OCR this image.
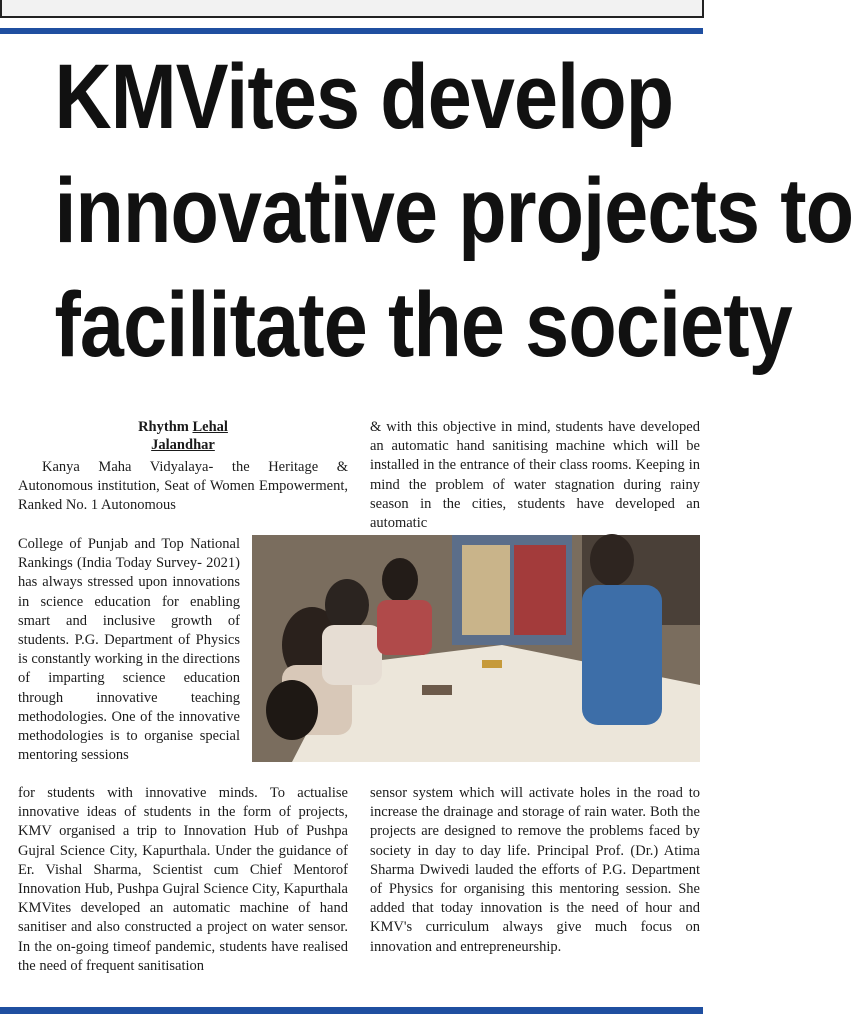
KMVites develop
innovative projects to
facilitate the society
Rhythm Lehal
Jalandhar

Kanya Maha Vidyalaya- the Heritage & Autonomous institution, Seat of Women Empowerment, Ranked No. 1 Autonomous

College of Punjab and Top National Rankings (India Today Survey- 2021) has always stressed upon innovations in science education for enabling smart and inclusive growth of students. P.G. Department of Physics is constantly working in the directions of imparting science education through innovative teaching methodologies. One of the innovative methodologies is to organise special mentoring sessions

for students with innovative minds. To actualise innovative ideas of students in the form of projects, KMV organised a trip to Innovation Hub of Pushpa Gujral Science City, Kapurthala. Under the guidance of Er. Vishal Sharma, Scientist cum Chief Mentorof Innovation Hub, Pushpa Gujral Science City, Kapurthala KMVites developed an automatic machine of hand sanitiser and also constructed a project on water sensor. In the on-going timeof pandemic, students have realised the need of frequent sanitisation

& with this objective in mind, students have developed an automatic hand sanitising machine which will be installed in the entrance of their class rooms. Keeping in mind the problem of water stagnation during rainy season in the cities, students have developed an automatic

sensor system which will activate holes in the road to increase the drainage and storage of rain water. Both the projects are designed to remove the problems faced by society in day to day life. Principal Prof. (Dr.) Atima Sharma Dwivedi lauded the efforts of P.G. Department of Physics for organising this mentoring session. She added that today innovation is the need of hour and KMV's curriculum always give much focus on innovation and entrepreneurship.
